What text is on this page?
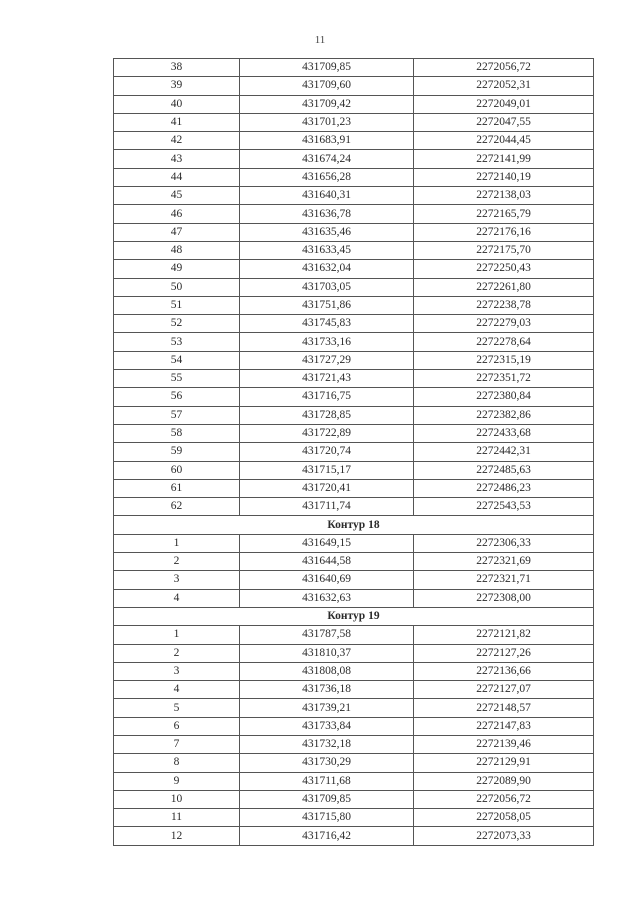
11
38	431709,85	2272056,72
39	431709,60	2272052,31
40	431709,42	2272049,01
41	431701,23	2272047,55
42	431683,91	2272044,45
43	431674,24	2272141,99
44	431656,28	2272140,19
45	431640,31	2272138,03
46	431636,78	2272165,79
47	431635,46	2272176,16
48	431633,45	2272175,70
49	431632,04	2272250,43
50	431703,05	2272261,80
51	431751,86	2272238,78
52	431745,83	2272279,03
53	431733,16	2272278,64
54	431727,29	2272315,19
55	431721,43	2272351,72
56	431716,75	2272380,84
57	431728,85	2272382,86
58	431722,89	2272433,68
59	431720,74	2272442,31
60	431715,17	2272485,63
61	431720,41	2272486,23
62	431711,74	2272543,53
Контур 18		
1	431649,15	2272306,33
2	431644,58	2272321,69
3	431640,69	2272321,71
4	431632,63	2272308,00
Контур 19		
1	431787,58	2272121,82
2	431810,37	2272127,26
3	431808,08	2272136,66
4	431736,18	2272127,07
5	431739,21	2272148,57
6	431733,84	2272147,83
7	431732,18	2272139,46
8	431730,29	2272129,91
9	431711,68	2272089,90
10	431709,85	2272056,72
11	431715,80	2272058,05
12	431716,42	2272073,33
